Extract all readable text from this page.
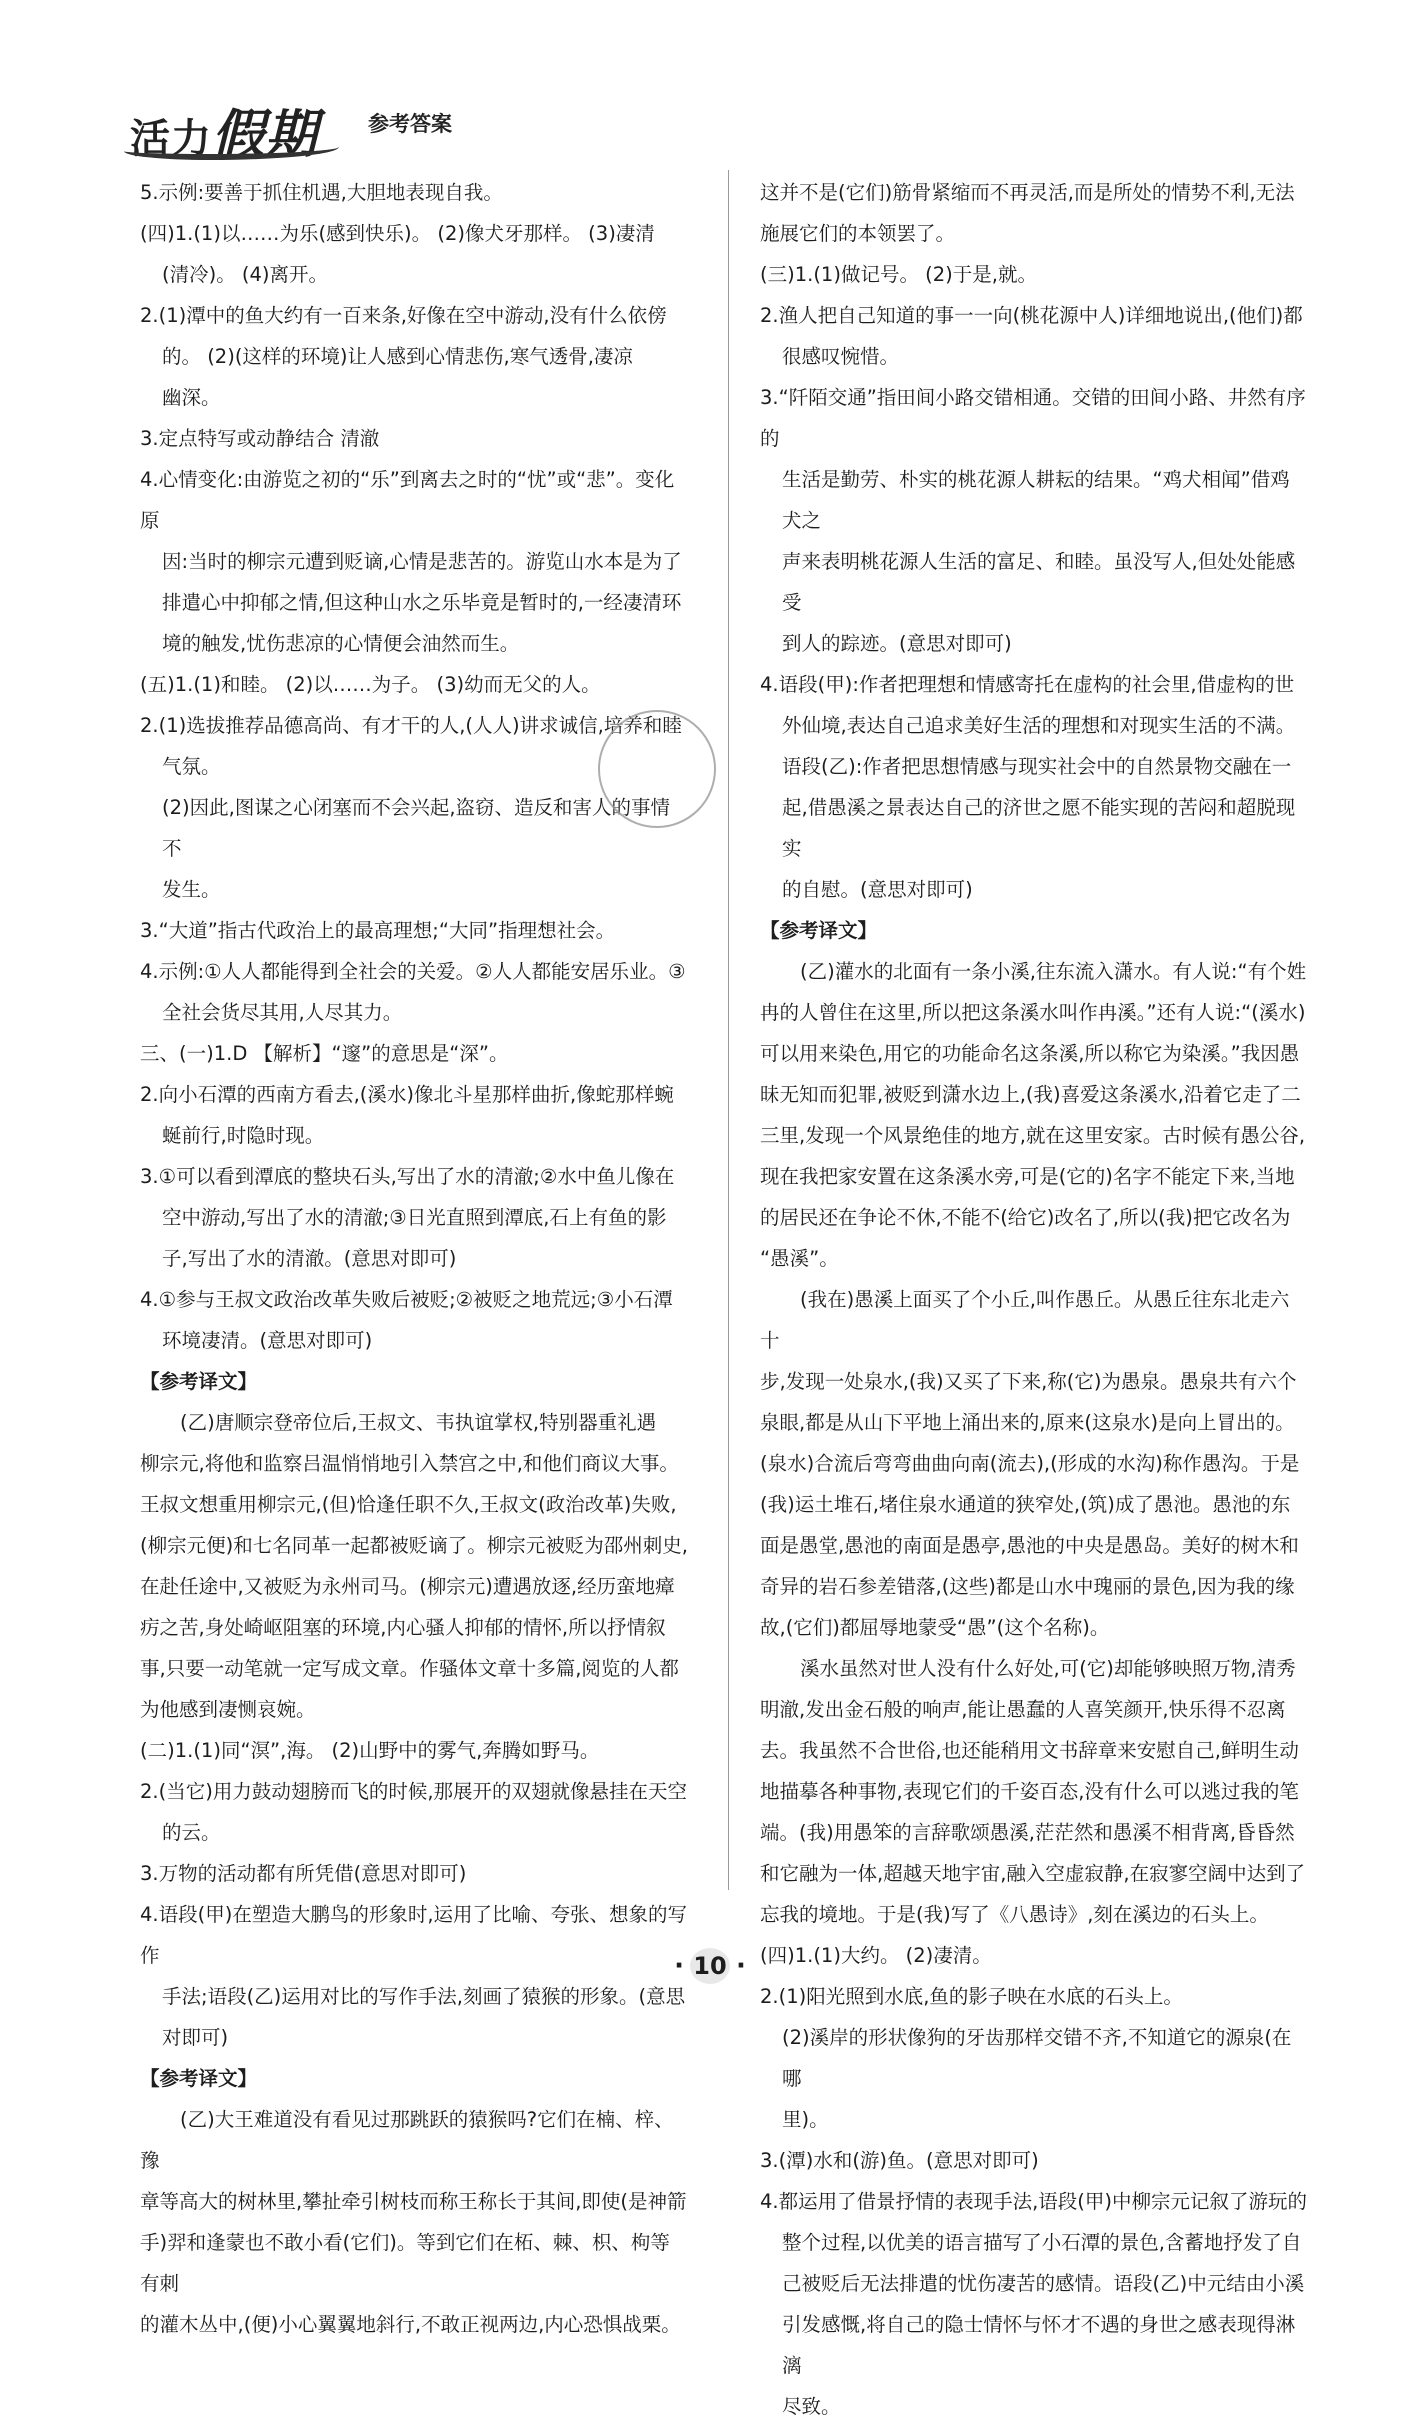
活力假期 参考答案

5.示例:要善于抓住机遇,大胆地表现自我。

(四)1.(1)以……为乐(感到快乐)。 (2)像犬牙那样。 (3)凄清

(清冷)。 (4)离开。

2.(1)潭中的鱼大约有一百来条,好像在空中游动,没有什么依傍

的。 (2)(这样的环境)让人感到心情悲伤,寒气透骨,凄凉

幽深。

3.定点特写或动静结合 清澈

4.心情变化:由游览之初的“乐”到离去之时的“忧”或“悲”。变化原

因:当时的柳宗元遭到贬谪,心情是悲苦的。游览山水本是为了

排遣心中抑郁之情,但这种山水之乐毕竟是暂时的,一经凄清环

境的触发,忧伤悲凉的心情便会油然而生。

(五)1.(1)和睦。 (2)以……为子。 (3)幼而无父的人。

2.(1)选拔推荐品德高尚、有才干的人,(人人)讲求诚信,培养和睦

气氛。

(2)因此,图谋之心闭塞而不会兴起,盗窃、造反和害人的事情不

发生。

3.“大道”指古代政治上的最高理想;“大同”指理想社会。

4.示例:①人人都能得到全社会的关爱。②人人都能安居乐业。③

全社会货尽其用,人尽其力。

三、(一)1.D 【解析】“邃”的意思是“深”。

2.向小石潭的西南方看去,(溪水)像北斗星那样曲折,像蛇那样蜿

蜒前行,时隐时现。

3.①可以看到潭底的整块石头,写出了水的清澈;②水中鱼儿像在

空中游动,写出了水的清澈;③日光直照到潭底,石上有鱼的影

子,写出了水的清澈。(意思对即可)

4.①参与王叔文政治改革失败后被贬;②被贬之地荒远;③小石潭

环境凄清。(意思对即可)

【参考译文】

(乙)唐顺宗登帝位后,王叔文、韦执谊掌权,特别器重礼遇

柳宗元,将他和监察吕温悄悄地引入禁宫之中,和他们商议大事。

王叔文想重用柳宗元,(但)恰逢任职不久,王叔文(政治改革)失败,

(柳宗元便)和七名同革一起都被贬谪了。柳宗元被贬为邵州刺史,

在赴任途中,又被贬为永州司马。(柳宗元)遭遇放逐,经历蛮地瘴

疠之苦,身处崎岖阻塞的环境,内心骚人抑郁的情怀,所以抒情叙

事,只要一动笔就一定写成文章。作骚体文章十多篇,阅览的人都

为他感到凄恻哀婉。

(二)1.(1)同“溟”,海。 (2)山野中的雾气,奔腾如野马。

2.(当它)用力鼓动翅膀而飞的时候,那展开的双翅就像悬挂在天空

的云。

3.万物的活动都有所凭借(意思对即可)

4.语段(甲)在塑造大鹏鸟的形象时,运用了比喻、夸张、想象的写作

手法;语段(乙)运用对比的写作手法,刻画了猿猴的形象。(意思

对即可)

【参考译文】

(乙)大王难道没有看见过那跳跃的猿猴吗?它们在楠、梓、豫

章等高大的树林里,攀扯牵引树枝而称王称长于其间,即使(是神箭

手)羿和逢蒙也不敢小看(它们)。等到它们在柘、棘、枳、枸等有刺

的灌木丛中,(便)小心翼翼地斜行,不敢正视两边,内心恐惧战栗。

这并不是(它们)筋骨紧缩而不再灵活,而是所处的情势不利,无法

施展它们的本领罢了。

(三)1.(1)做记号。 (2)于是,就。

2.渔人把自己知道的事一一向(桃花源中人)详细地说出,(他们)都

很感叹惋惜。

3.“阡陌交通”指田间小路交错相通。交错的田间小路、井然有序的

生活是勤劳、朴实的桃花源人耕耘的结果。“鸡犬相闻”借鸡犬之

声来表明桃花源人生活的富足、和睦。虽没写人,但处处能感受

到人的踪迹。(意思对即可)

4.语段(甲):作者把理想和情感寄托在虚构的社会里,借虚构的世

外仙境,表达自己追求美好生活的理想和对现实生活的不满。

语段(乙):作者把思想情感与现实社会中的自然景物交融在一

起,借愚溪之景表达自己的济世之愿不能实现的苦闷和超脱现实

的自慰。(意思对即可)

【参考译文】

(乙)灌水的北面有一条小溪,往东流入潇水。有人说:“有个姓

冉的人曾住在这里,所以把这条溪水叫作冉溪。”还有人说:“(溪水)

可以用来染色,用它的功能命名这条溪,所以称它为染溪。”我因愚

昧无知而犯罪,被贬到潇水边上,(我)喜爱这条溪水,沿着它走了二

三里,发现一个风景绝佳的地方,就在这里安家。古时候有愚公谷,

现在我把家安置在这条溪水旁,可是(它的)名字不能定下来,当地

的居民还在争论不休,不能不(给它)改名了,所以(我)把它改名为

“愚溪”。

(我在)愚溪上面买了个小丘,叫作愚丘。从愚丘往东北走六十

步,发现一处泉水,(我)又买了下来,称(它)为愚泉。愚泉共有六个

泉眼,都是从山下平地上涌出来的,原来(这泉水)是向上冒出的。

(泉水)合流后弯弯曲曲向南(流去),(形成的水沟)称作愚沟。于是

(我)运土堆石,堵住泉水通道的狭窄处,(筑)成了愚池。愚池的东

面是愚堂,愚池的南面是愚亭,愚池的中央是愚岛。美好的树木和

奇异的岩石参差错落,(这些)都是山水中瑰丽的景色,因为我的缘

故,(它们)都屈辱地蒙受“愚”(这个名称)。

溪水虽然对世人没有什么好处,可(它)却能够映照万物,清秀

明澈,发出金石般的响声,能让愚蠢的人喜笑颜开,快乐得不忍离

去。我虽然不合世俗,也还能稍用文书辞章来安慰自己,鲜明生动

地描摹各种事物,表现它们的千姿百态,没有什么可以逃过我的笔

端。(我)用愚笨的言辞歌颂愚溪,茫茫然和愚溪不相背离,昏昏然

和它融为一体,超越天地宇宙,融入空虚寂静,在寂寥空阔中达到了

忘我的境地。于是(我)写了《八愚诗》,刻在溪边的石头上。

(四)1.(1)大约。 (2)凄清。

2.(1)阳光照到水底,鱼的影子映在水底的石头上。

(2)溪岸的形状像狗的牙齿那样交错不齐,不知道它的源泉(在哪

里)。

3.(潭)水和(游)鱼。(意思对即可)

4.都运用了借景抒情的表现手法,语段(甲)中柳宗元记叙了游玩的

整个过程,以优美的语言描写了小石潭的景色,含蓄地抒发了自

己被贬后无法排遣的忧伤凄苦的感情。语段(乙)中元结由小溪

引发感慨,将自己的隐士情怀与怀才不遇的身世之感表现得淋漓

尽致。

· 10 ·
